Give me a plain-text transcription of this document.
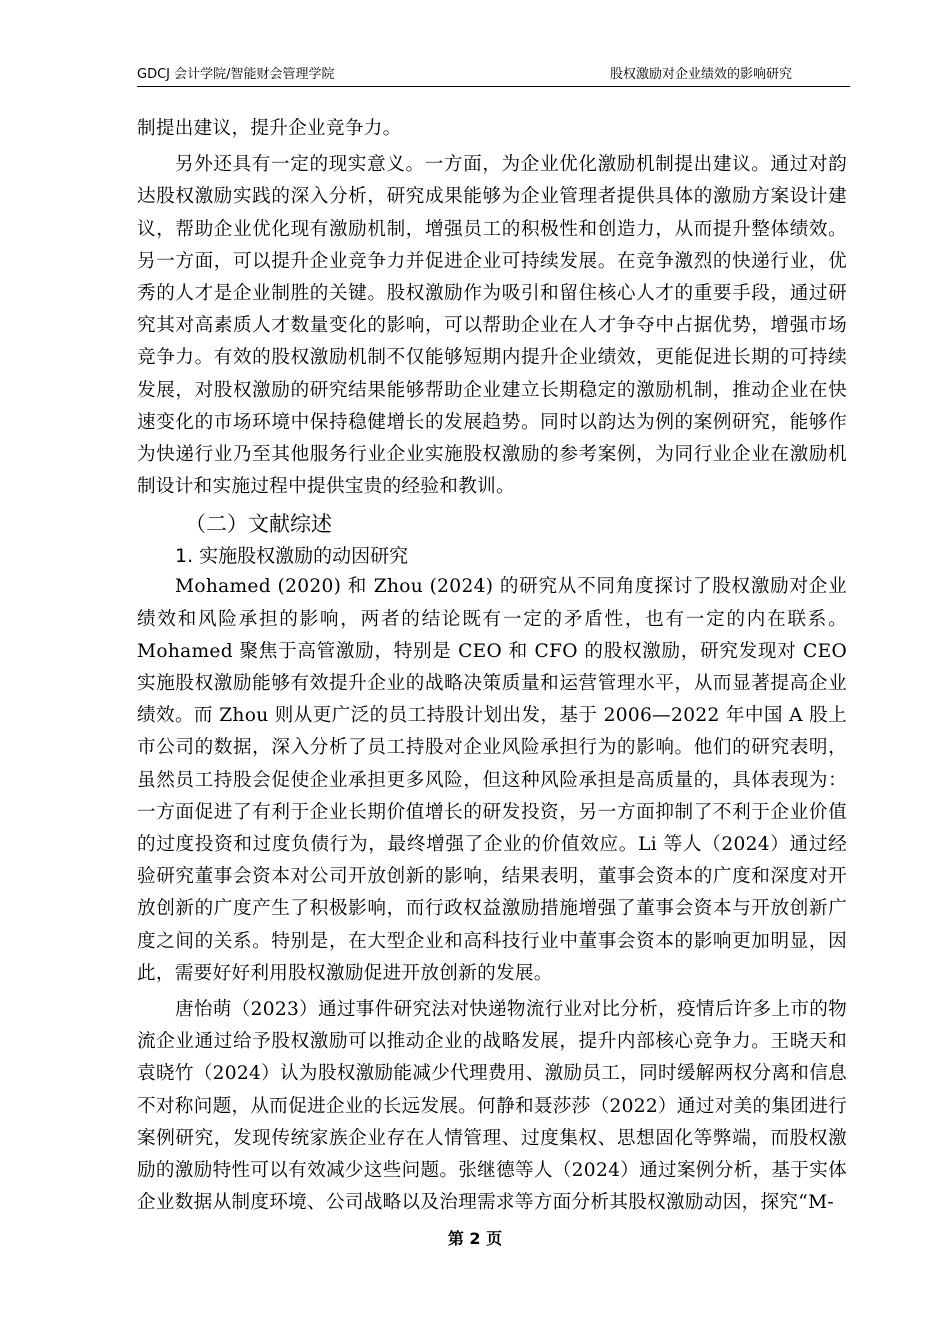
GDCJ 会计学院/智能财会管理学院	股权激励对企业绩效的影响研究

制提出建议，提升企业竞争力。

另外还具有一定的现实意义。一方面，为企业优化激励机制提出建议。通过对韵达股权激励实践的深入分析，研究成果能够为企业管理者提供具体的激励方案设计建议，帮助企业优化现有激励机制，增强员工的积极性和创造力，从而提升整体绩效。另一方面，可以提升企业竞争力并促进企业可持续发展。在竞争激烈的快递行业，优秀的人才是企业制胜的关键。股权激励作为吸引和留住核心人才的重要手段，通过研究其对高素质人才数量变化的影响，可以帮助企业在人才争夺中占据优势，增强市场竞争力。有效的股权激励机制不仅能够短期内提升企业绩效，更能促进长期的可持续发展，对股权激励的研究结果能够帮助企业建立长期稳定的激励机制，推动企业在快速变化的市场环境中保持稳健增长的发展趋势。同时以韵达为例的案例研究，能够作为快递行业乃至其他服务行业企业实施股权激励的参考案例，为同行业企业在激励机制设计和实施过程中提供宝贵的经验和教训。

（二）文献综述
1. 实施股权激励的动因研究

Mohamed (2020) 和 Zhou (2024) 的研究从不同角度探讨了股权激励对企业绩效和风险承担的影响，两者的结论既有一定的矛盾性，也有一定的内在联系。Mohamed 聚焦于高管激励，特别是 CEO 和 CFO 的股权激励，研究发现对 CEO 实施股权激励能够有效提升企业的战略决策质量和运营管理水平，从而显著提高企业绩效。而 Zhou 则从更广泛的员工持股计划出发，基于 2006—2022 年中国 A 股上市公司的数据，深入分析了员工持股对企业风险承担行为的影响。他们的研究表明，虽然员工持股会促使企业承担更多风险，但这种风险承担是高质量的，具体表现为：一方面促进了有利于企业长期价值增长的研发投资，另一方面抑制了不利于企业价值的过度投资和过度负债行为，最终增强了企业的价值效应。Li 等人（2024）通过经验研究董事会资本对公司开放创新的影响，结果表明，董事会资本的广度和深度对开放创新的广度产生了积极影响，而行政权益激励措施增强了董事会资本与开放创新广度之间的关系。特别是，在大型企业和高科技行业中董事会资本的影响更加明显，因此，需要好好利用股权激励促进开放创新的发展。

唐怡萌（2023）通过事件研究法对快递物流行业对比分析，疫情后许多上市的物流企业通过给予股权激励可以推动企业的战略发展，提升内部核心竞争力。王晓天和袁晓竹（2024）认为股权激励能减少代理费用、激励员工，同时缓解两权分离和信息不对称问题，从而促进企业的长远发展。何静和聂莎莎（2022）通过对美的集团进行案例研究，发现传统家族企业存在人情管理、过度集权、思想固化等弊端，而股权激励的激励特性可以有效减少这些问题。张继德等人（2024）通过案例分析，基于实体企业数据从制度环境、公司战略以及治理需求等方面分析其股权激励动因，探究“M-

第 2 页
